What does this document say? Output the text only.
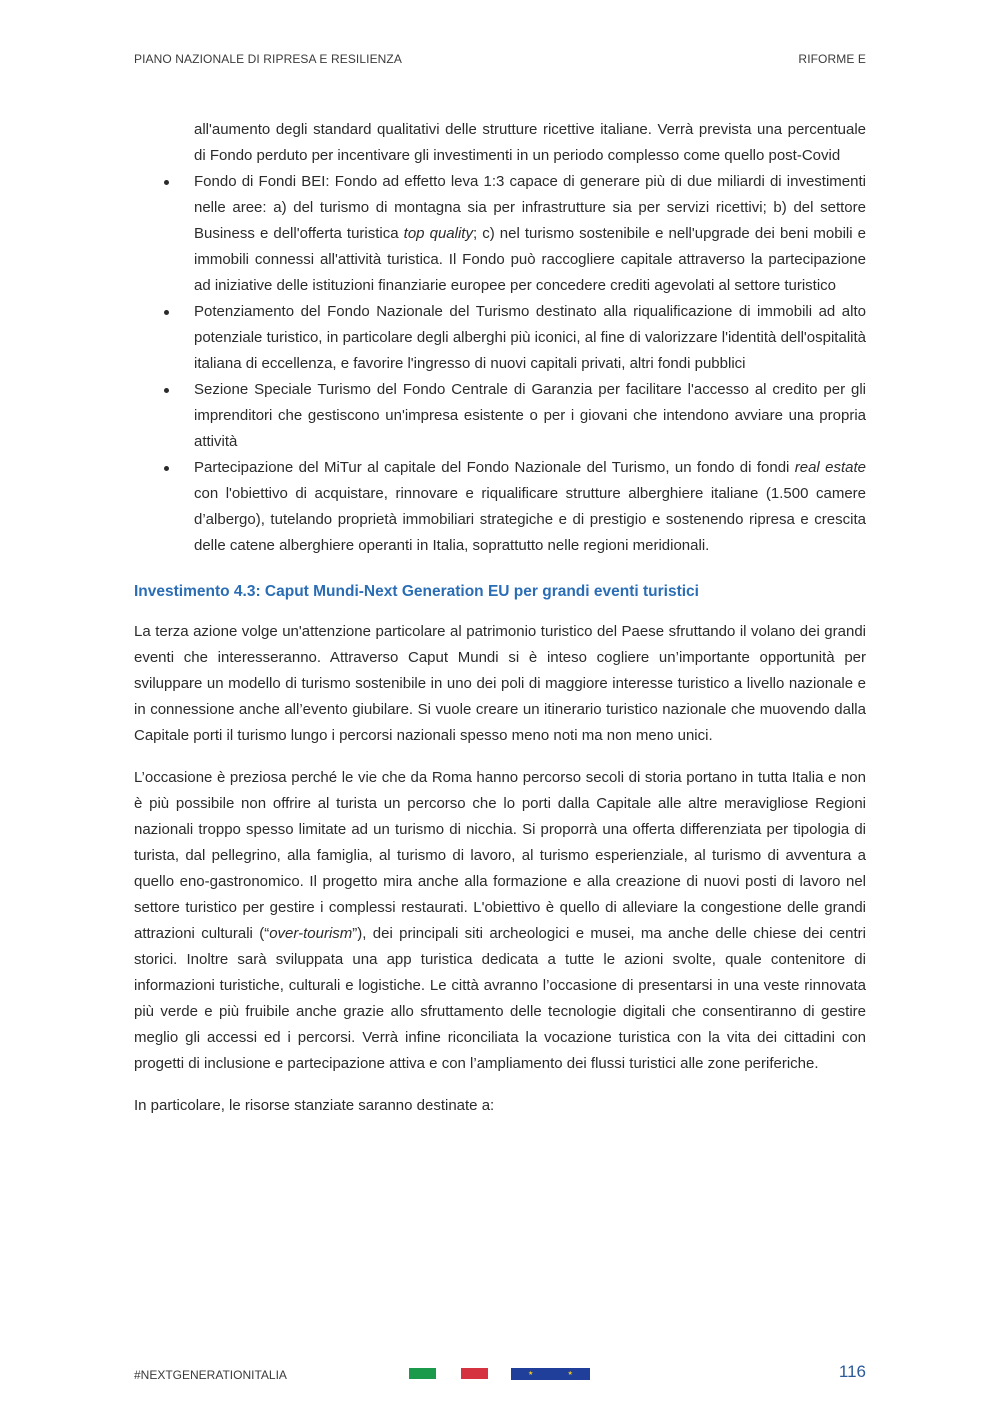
PIANO NAZIONALE DI RIPRESA E RESILIENZA	RIFORME E

all'aumento degli standard qualitativi delle strutture ricettive italiane. Verrà prevista una percentuale di Fondo perduto per incentivare gli investimenti in un periodo complesso come quello post-Covid

Fondo di Fondi BEI: Fondo ad effetto leva 1:3 capace di generare più di due miliardi di investimenti nelle aree: a) del turismo di montagna sia per infrastrutture sia per servizi ricettivi; b) del settore Business e dell'offerta turistica top quality; c) nel turismo sostenibile e nell'upgrade dei beni mobili e immobili connessi all'attività turistica. Il Fondo può raccogliere capitale attraverso la partecipazione ad iniziative delle istituzioni finanziarie europee per concedere crediti agevolati al settore turistico
Potenziamento del Fondo Nazionale del Turismo destinato alla riqualificazione di immobili ad alto potenziale turistico, in particolare degli alberghi più iconici, al fine di valorizzare l'identità dell'ospitalità italiana di eccellenza, e favorire l'ingresso di nuovi capitali privati, altri fondi pubblici
Sezione Speciale Turismo del Fondo Centrale di Garanzia per facilitare l'accesso al credito per gli imprenditori che gestiscono un'impresa esistente o per i giovani che intendono avviare una propria attività
Partecipazione del MiTur al capitale del Fondo Nazionale del Turismo, un fondo di fondi real estate con l'obiettivo di acquistare, rinnovare e riqualificare strutture alberghiere italiane (1.500 camere d’albergo), tutelando proprietà immobiliari strategiche e di prestigio e sostenendo ripresa e crescita delle catene alberghiere operanti in Italia, soprattutto nelle regioni meridionali.
Investimento 4.3: Caput Mundi-Next Generation EU per grandi eventi turistici

La terza azione volge un'attenzione particolare al patrimonio turistico del Paese sfruttando il volano dei grandi eventi che interesseranno. Attraverso Caput Mundi si è inteso cogliere un’importante opportunità per sviluppare un modello di turismo sostenibile in uno dei poli di maggiore interesse turistico a livello nazionale e in connessione anche all’evento giubilare. Si vuole creare un itinerario turistico nazionale che muovendo dalla Capitale porti il turismo lungo i percorsi nazionali spesso meno noti ma non meno unici.

L’occasione è preziosa perché le vie che da Roma hanno percorso secoli di storia portano in tutta Italia e non è più possibile non offrire al turista un percorso che lo porti dalla Capitale alle altre meravigliose Regioni nazionali troppo spesso limitate ad un turismo di nicchia. Si proporrà una offerta differenziata per tipologia di turista, dal pellegrino, alla famiglia, al turismo di lavoro, al turismo esperienziale, al turismo di avventura a quello eno-gastronomico. Il progetto mira anche alla formazione e alla creazione di nuovi posti di lavoro nel settore turistico per gestire i complessi restaurati. L'obiettivo è quello di alleviare la congestione delle grandi attrazioni culturali (“over-tourism”), dei principali siti archeologici e musei, ma anche delle chiese dei centri storici. Inoltre sarà sviluppata una app turistica dedicata a tutte le azioni svolte, quale contenitore di informazioni turistiche, culturali e logistiche. Le città avranno l’occasione di presentarsi in una veste rinnovata più verde e più fruibile anche grazie allo sfruttamento delle tecnologie digitali che consentiranno di gestire meglio gli accessi ed i percorsi. Verrà infine riconciliata la vocazione turistica con la vita dei cittadini con progetti di inclusione e partecipazione attiva e con l’ampliamento dei flussi turistici alle zone periferiche.

In particolare, le risorse stanziate saranno destinate a:

#NEXTGENERATIONITALIA	★	★	116
